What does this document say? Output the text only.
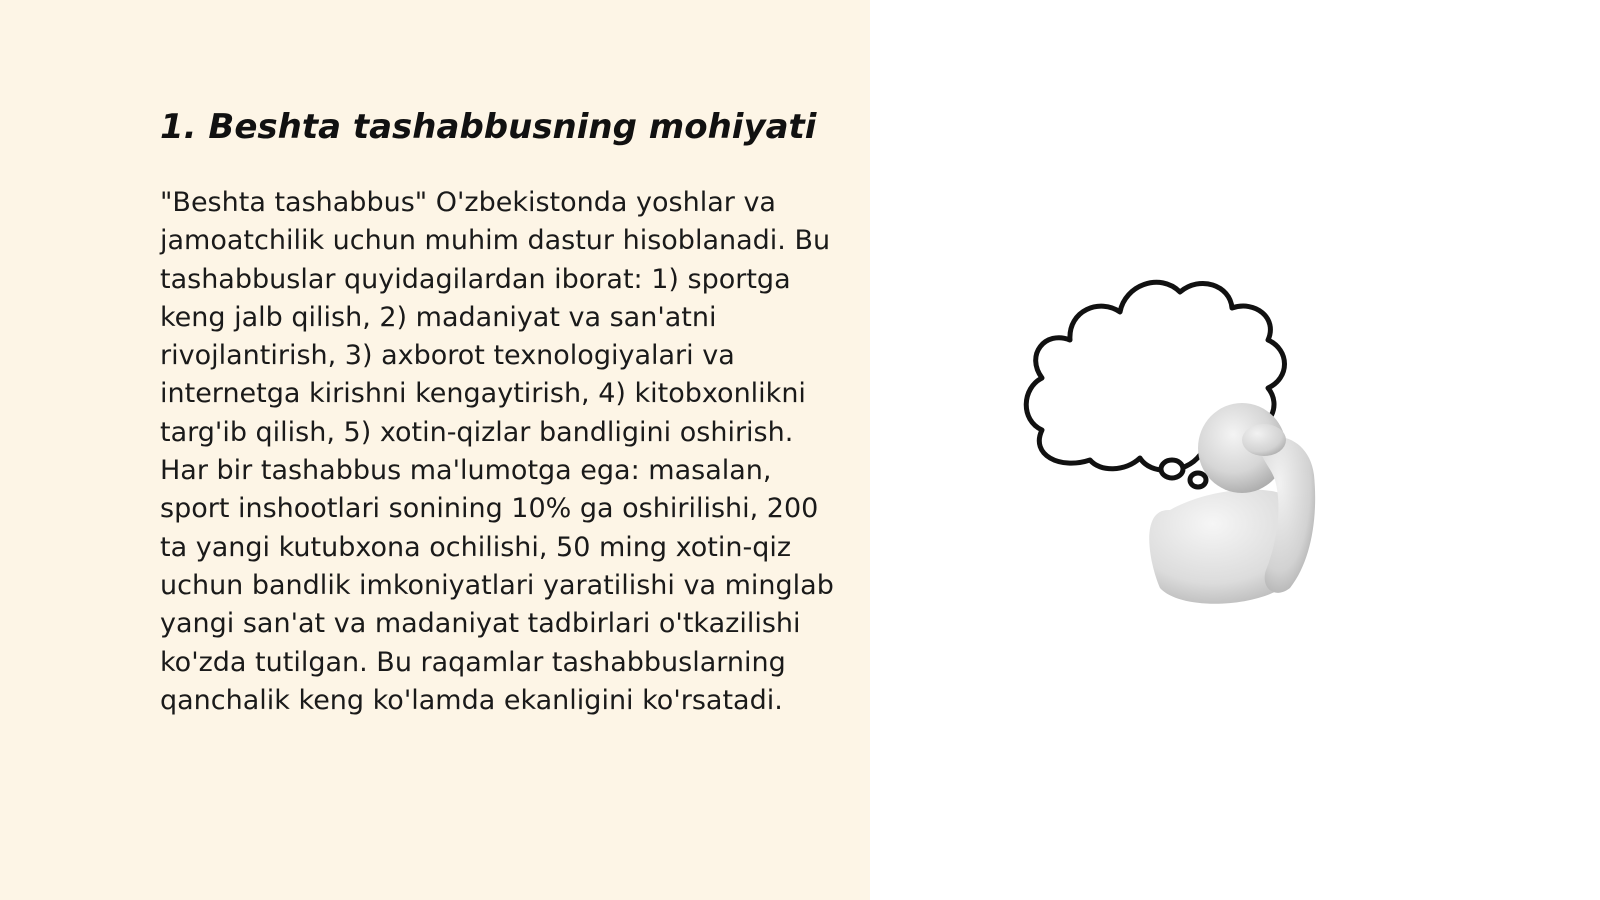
1. Beshta tashabbusning mohiyati

"Beshta tashabbus" O'zbekistonda yoshlar va jamoatchilik uchun muhim dastur hisoblanadi. Bu tashabbuslar quyidagilardan iborat: 1) sportga keng jalb qilish, 2) madaniyat va san'atni rivojlantirish, 3) axborot texnologiyalari va internetga kirishni kengaytirish, 4) kitobxonlikni targ'ib qilish, 5) xotin-qizlar bandligini oshirish. Har bir tashabbus ma'lumotga ega: masalan, sport inshootlari sonining 10% ga oshirilishi, 200 ta yangi kutubxona ochilishi, 50 ming xotin-qiz uchun bandlik imkoniyatlari yaratilishi va minglab yangi san'at va madaniyat tadbirlari o'tkazilishi ko'zda tutilgan. Bu raqamlar tashabbuslarning qanchalik keng ko'lamda ekanligini ko'rsatadi.
